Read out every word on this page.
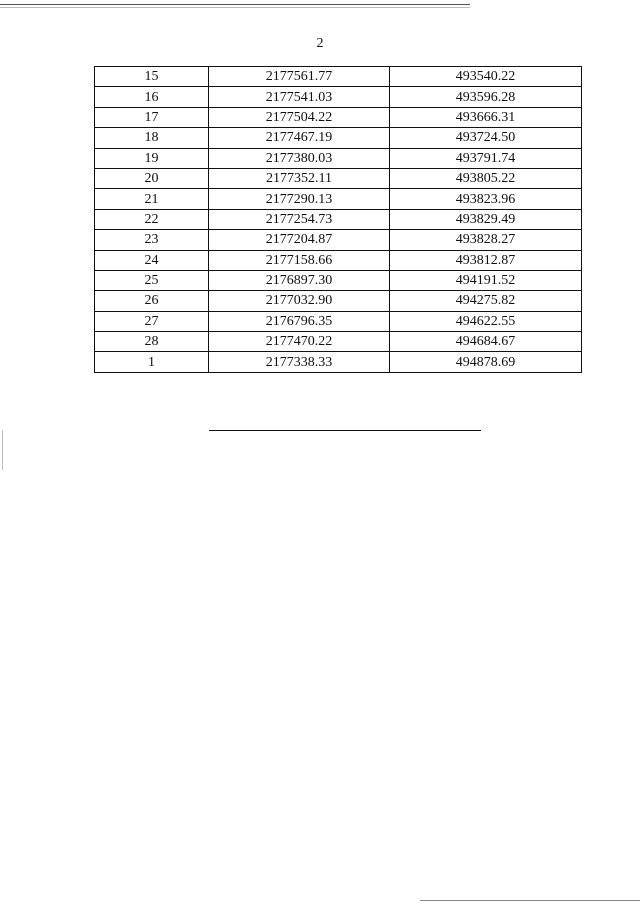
2
15	2177561.77	493540.22
16	2177541.03	493596.28
17	2177504.22	493666.31
18	2177467.19	493724.50
19	2177380.03	493791.74
20	2177352.11	493805.22
21	2177290.13	493823.96
22	2177254.73	493829.49
23	2177204.87	493828.27
24	2177158.66	493812.87
25	2176897.30	494191.52
26	2177032.90	494275.82
27	2176796.35	494622.55
28	2177470.22	494684.67
1	2177338.33	494878.69
